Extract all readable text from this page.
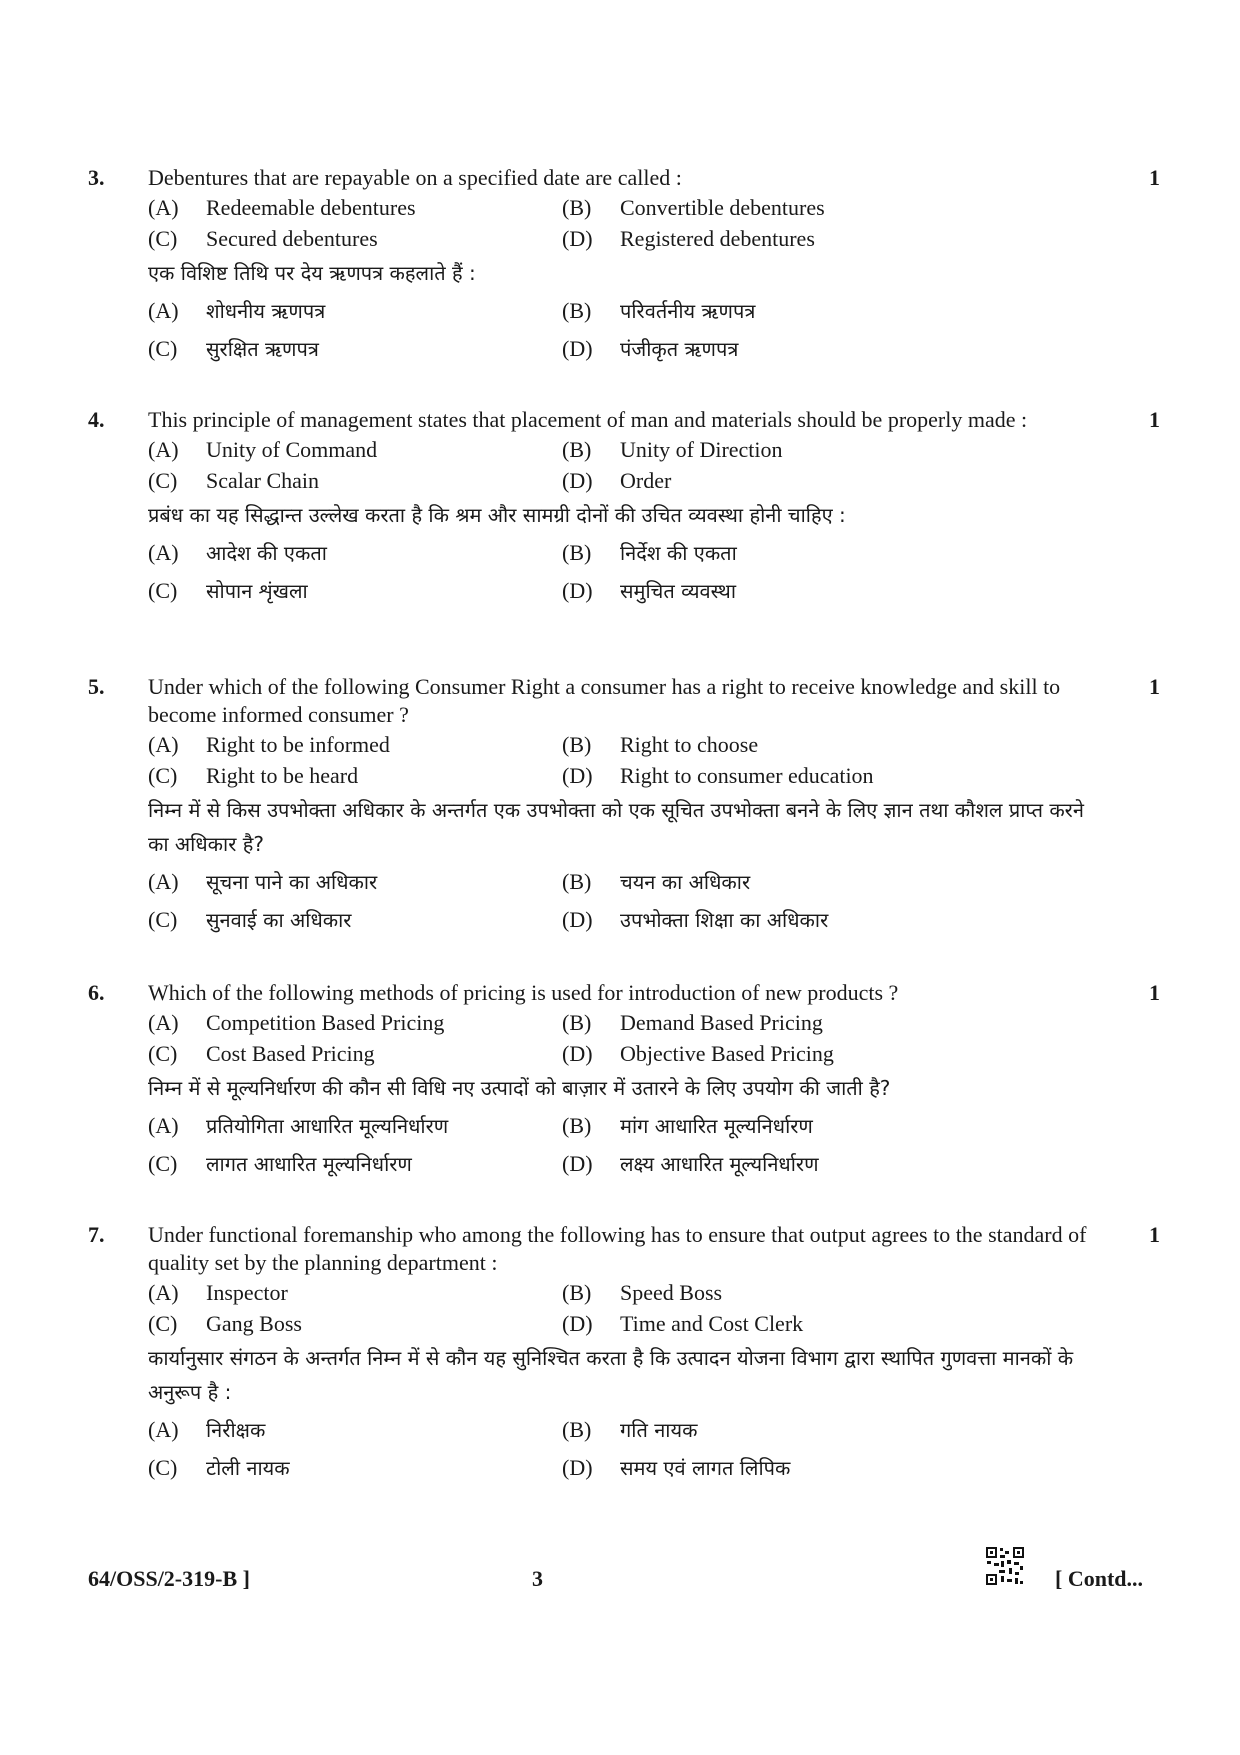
3.	1

Debentures that are repayable on a specified date are called :

(A)	Redeemable debentures	(B)	Convertible debentures
(C)	Secured debentures	(D)	Registered debentures

एक विशिष्ट तिथि पर देय ऋणपत्र कहलाते हैं :

(A)	शोधनीय ऋणपत्र	(B)	परिवर्तनीय ऋणपत्र
(C)	सुरक्षित ऋणपत्र	(D)	पंजीकृत ऋणपत्र
4.	1

This principle of management states that placement of man and materials should be properly made :

(A)	Unity of Command	(B)	Unity of Direction
(C)	Scalar Chain	(D)	Order

प्रबंध का यह सिद्धान्त उल्लेख करता है कि श्रम और सामग्री दोनों की उचित व्यवस्था होनी चाहिए :

(A)	आदेश की एकता	(B)	निर्देश की एकता
(C)	सोपान शृंखला	(D)	समुचित व्यवस्था
5.	1

Under which of the following Consumer Right a consumer has a right to receive knowledge and skill to become informed consumer ?

(A)	Right to be informed	(B)	Right to choose
(C)	Right to be heard	(D)	Right to consumer education

निम्न में से किस उपभोक्ता अधिकार के अन्तर्गत एक उपभोक्ता को एक सूचित उपभोक्ता बनने के लिए ज्ञान तथा कौशल प्राप्त करने का अधिकार है?

(A)	सूचना पाने का अधिकार	(B)	चयन का अधिकार
(C)	सुनवाई का अधिकार	(D)	उपभोक्ता शिक्षा का अधिकार
6.	1

Which of the following methods of pricing is used for introduction of new products ?

(A)	Competition Based Pricing	(B)	Demand Based Pricing
(C)	Cost Based Pricing	(D)	Objective Based Pricing

निम्न में से मूल्यनिर्धारण की कौन सी विधि नए उत्पादों को बाज़ार में उतारने के लिए उपयोग की जाती है?

(A)	प्रतियोगिता आधारित मूल्यनिर्धारण	(B)	मांग आधारित मूल्यनिर्धारण
(C)	लागत आधारित मूल्यनिर्धारण	(D)	लक्ष्य आधारित मूल्यनिर्धारण
7.	1

Under functional foremanship who among the following has to ensure that output agrees to the standard of quality set by the planning department :

(A)	Inspector	(B)	Speed Boss
(C)	Gang Boss	(D)	Time and Cost Clerk

कार्यानुसार संगठन के अन्तर्गत निम्न में से कौन यह सुनिश्चित करता है कि उत्पादन योजना विभाग द्वारा स्थापित गुणवत्ता मानकों के अनुरूप है :

(A)	निरीक्षक	(B)	गति नायक
(C)	टोली नायक	(D)	समय एवं लागत लिपिक
64/OSS/2-319-B ]	3	[ Contd...
